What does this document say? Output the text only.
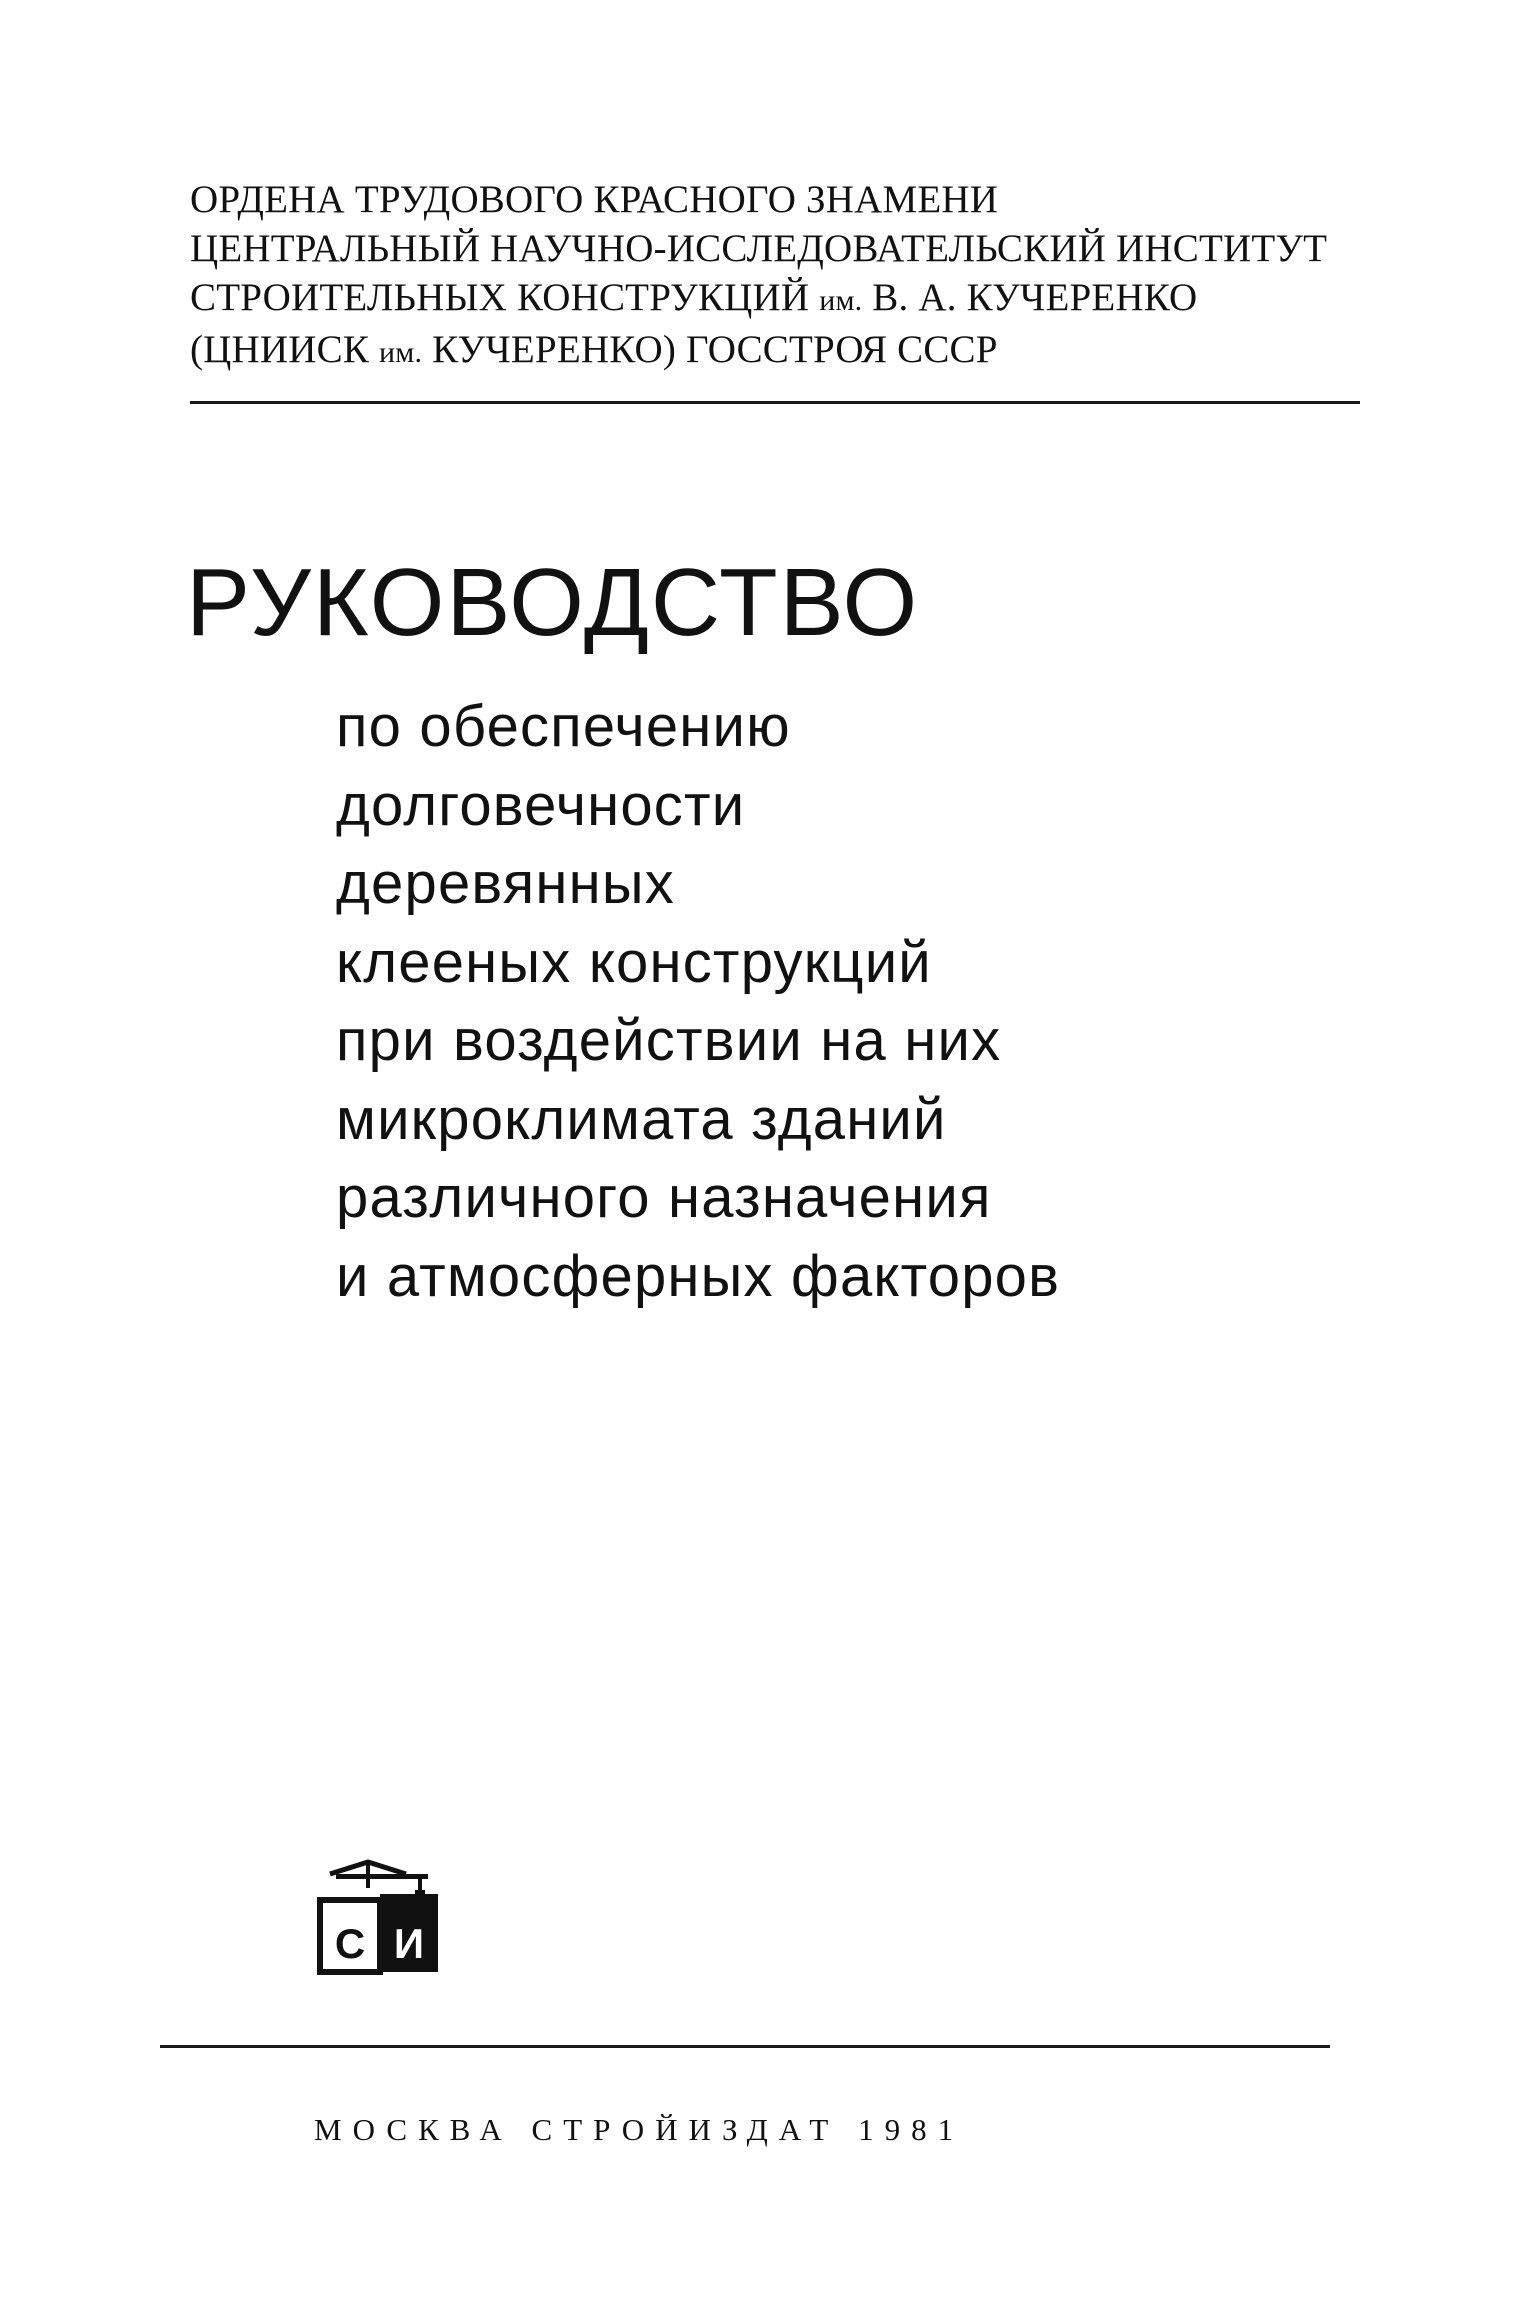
ОРДЕНА ТРУДОВОГО КРАСНОГО ЗНАМЕНИ
ЦЕНТРАЛЬНЫЙ НАУЧНО-ИССЛЕДОВАТЕЛЬСКИЙ ИНСТИТУТ
СТРОИТЕЛЬНЫХ КОНСТРУКЦИЙ им. В. А. КУЧЕРЕНКО
(ЦНИИСК им. КУЧЕРЕНКО) ГОССТРОЯ СССР
РУКОВОДСТВО
по обеспечению
долговечности
деревянных
клееных конструкций
при воздействии на них
микроклимата зданий
различного назначения
и атмосферных факторов
С И
МОСКВА СТРОЙИЗДАТ 1981
